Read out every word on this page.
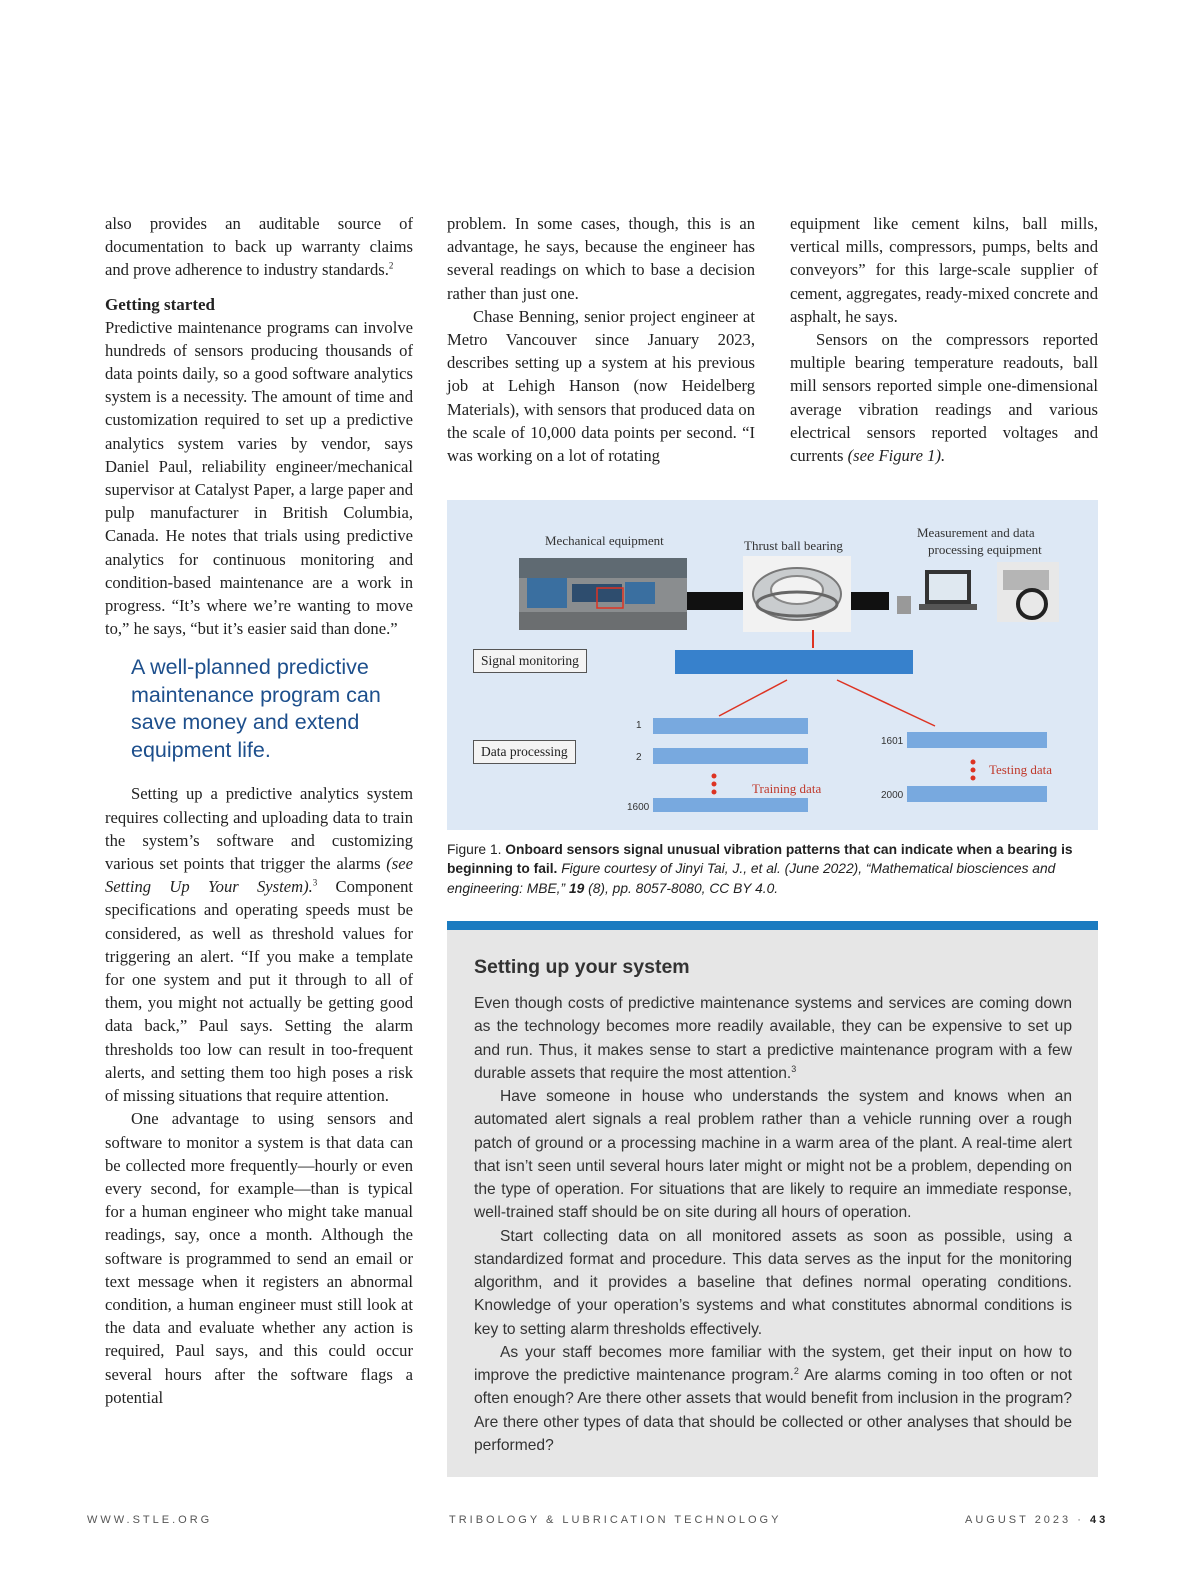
also provides an auditable source of documentation to back up warranty claims and prove adherence to industry standards.$^2$

Getting started

Predictive maintenance programs can involve hundreds of sensors producing thousands of data points daily, so a good software analytics system is a necessity. The amount of time and customization required to set up a predictive analytics system varies by vendor, says Daniel Paul, reliability engineer/mechanical supervisor at Catalyst Paper, a large paper and pulp manufacturer in British Columbia, Canada. He notes that trials using predictive analytics for continuous monitoring and condition-based maintenance are a work in progress. “It’s where we’re wanting to move to,” he says, “but it’s easier said than done.”

A well-planned predictive maintenance program can save money and extend equipment life.

Setting up a predictive analytics system requires collecting and uploading data to train the system’s software and customizing various set points that trigger the alarms (see Setting Up Your System).$^3$ Component specifications and operating speeds must be considered, as well as threshold values for triggering an alert. “If you make a template for one system and put it through to all of them, you might not actually be getting good data back,” Paul says. Setting the alarm thresholds too low can result in too-frequent alerts, and setting them too high poses a risk of missing situations that require attention.

One advantage to using sensors and software to monitor a system is that data can be collected more frequently—hourly or even every second, for example—than is typical for a human engineer who might take manual readings, say, once a month. Although the software is programmed to send an email or text message when it registers an abnormal condition, a human engineer must still look at the data and evaluate whether any action is required, Paul says, and this could occur several hours after the software flags a potential

problem. In some cases, though, this is an advantage, he says, because the engineer has several readings on which to base a decision rather than just one.

Chase Benning, senior project engineer at Metro Vancouver since January 2023, describes setting up a system at his previous job at Lehigh Hanson (now Heidelberg Materials), with sensors that produced data on the scale of 10,000 data points per second. “I was working on a lot of rotating

equipment like cement kilns, ball mills, vertical mills, compressors, pumps, belts and conveyors” for this large-scale supplier of cement, aggregates, ready-mixed concrete and asphalt, he says.

Sensors on the compressors reported multiple bearing temperature readouts, ball mill sensors reported simple one-dimensional average vibration readings and various electrical sensors reported voltages and currents (see Figure 1).

Mechanical equipment	Thrust ball bearing
Measurement and data
processing equipment
Signal monitoring
Data processing
1
2
1600
1601
2000
Training data
Testing data
Figure 1. Onboard sensors signal unusual vibration patterns that can indicate when a bearing is beginning to fail. Figure courtesy of Jinyi Tai, J., et al. (June 2022), “Mathematical biosciences and engineering: MBE,” 19 (8), pp. 8057-8080, CC BY 4.0.
Setting up your system

Even though costs of predictive maintenance systems and services are coming down as the technology becomes more readily available, they can be expensive to set up and run. Thus, it makes sense to start a predictive maintenance program with a few durable assets that require the most attention.$^3$

Have someone in house who understands the system and knows when an automated alert signals a real problem rather than a vehicle running over a rough patch of ground or a processing machine in a warm area of the plant. A real-time alert that isn’t seen until several hours later might or might not be a problem, depending on the type of operation. For situations that are likely to require an immediate response, well-trained staff should be on site during all hours of operation.

Start collecting data on all monitored assets as soon as possible, using a standardized format and procedure. This data serves as the input for the monitoring algorithm, and it provides a baseline that defines normal operating conditions. Knowledge of your operation’s systems and what constitutes abnormal conditions is key to setting alarm thresholds effectively.

As your staff becomes more familiar with the system, get their input on how to improve the predictive maintenance program.$^2$ Are alarms coming in too often or not often enough? Are there other assets that would benefit from inclusion in the program? Are there other types of data that should be collected or other analyses that should be performed?

WWW.STLE.ORG	TRIBOLOGY & LUBRICATION TECHNOLOGY	AUGUST 2023 · 43
